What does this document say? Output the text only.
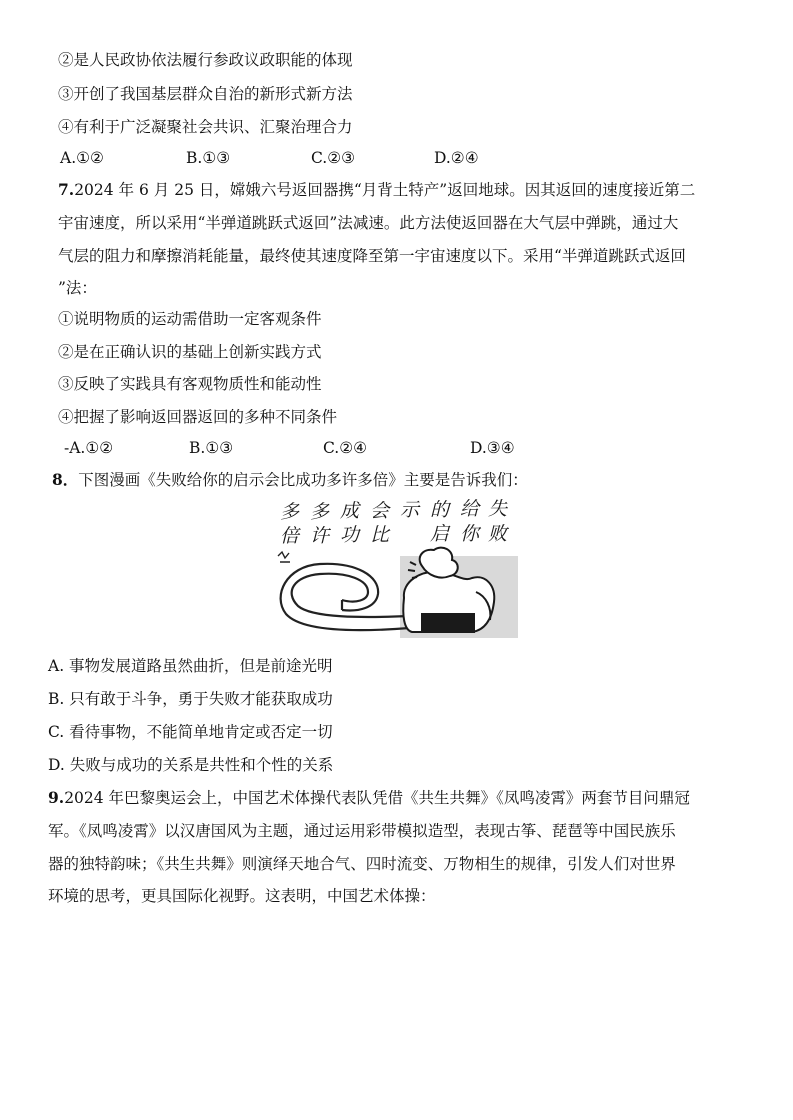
②是人民政协依法履行参政议政职能的体现
③开创了我国基层群众自治的新形式新方法
④有利于广泛凝聚社会共识、汇聚治理合力
A.①②	B.①③	C.②③	D.②④
7.2024 年 6 月 25 日，嫦娥六号返回器携“月背土特产”返回地球。因其返回的速度接近第二
宇宙速度，所以采用“半弹道跳跃式返回”法减速。此方法使返回器在大气层中弹跳，通过大
气层的阻力和摩擦消耗能量，最终使其速度降至第一宇宙速度以下。采用“半弹道跳跃式返回
”法：
①说明物质的运动需借助一定客观条件
②是在正确认识的基础上创新实践方式
③反映了实践具有客观物质性和能动性
④把握了影响返回器返回的多种不同条件
-A.①②	B.①③	C.②④	D.③④
8．下图漫画《失败给你的启示会比成功多许多倍》主要是告诉我们：
多 多 成 会 示 的 给 失
倍 许 功 比 启 你 败
A. 事物发展道路虽然曲折，但是前途光明
B. 只有敢于斗争，勇于失败才能获取成功
C. 看待事物，不能简单地肯定或否定一切
D. 失败与成功的关系是共性和个性的关系
9.2024 年巴黎奥运会上，中国艺术体操代表队凭借《共生共舞》《凤鸣凌霄》两套节目问鼎冠
军。《凤鸣凌霄》以汉唐国风为主题，通过运用彩带模拟造型，表现古筝、琵琶等中国民族乐
器的独特韵味；《共生共舞》则演绎天地合气、四时流变、万物相生的规律，引发人们对世界
环境的思考，更具国际化视野。这表明，中国艺术体操：
